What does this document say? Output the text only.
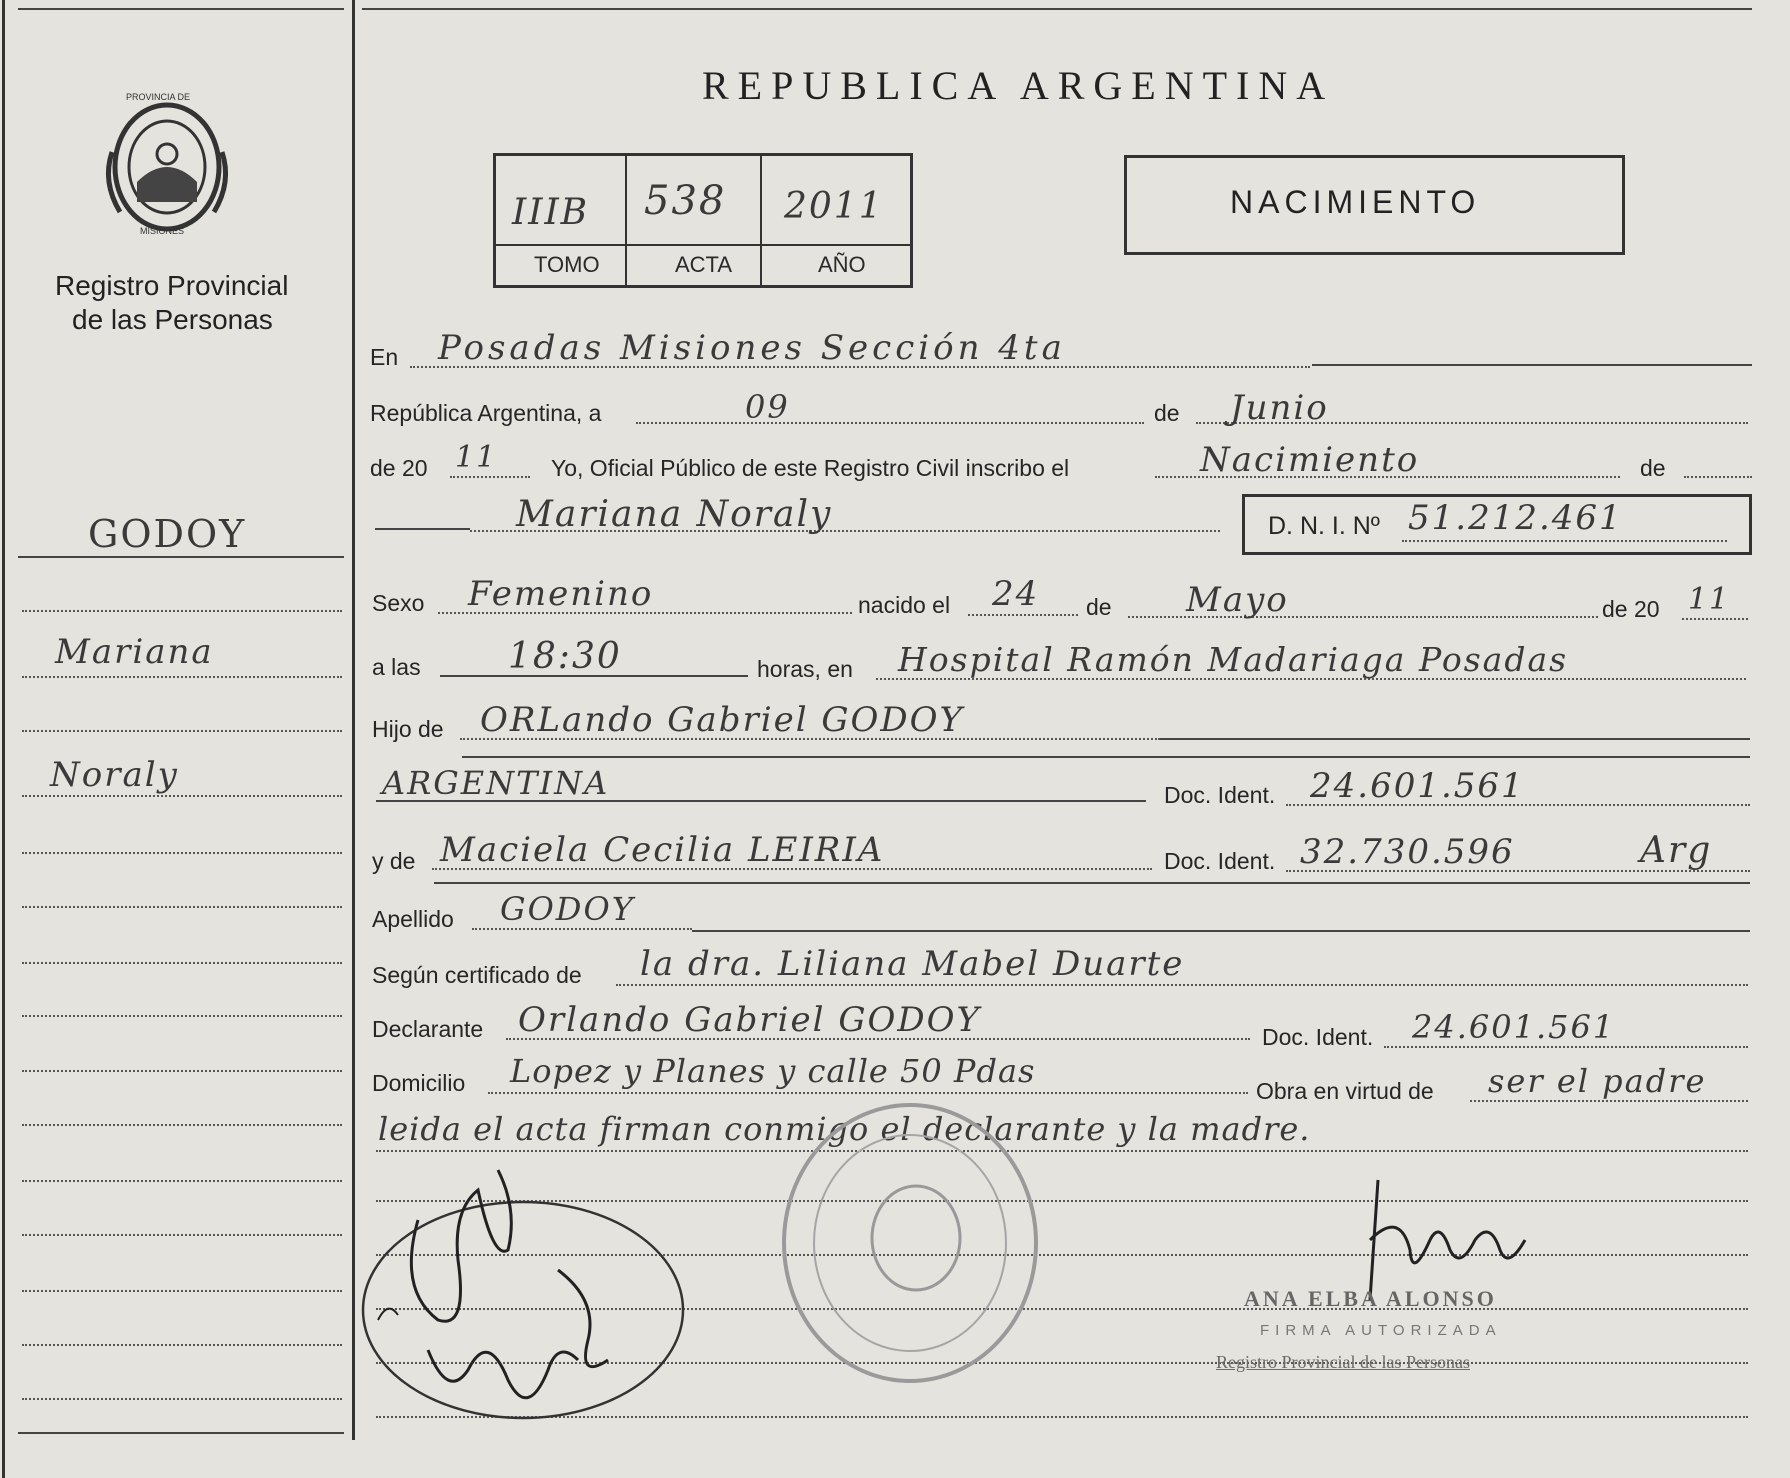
PROVINCIA DE
MISIONES
Registro Provincial
de las Personas
REPUBLICA ARGENTINA
IIIB 538 2011
TOMO	ACTA	AÑO
NACIMIENTO
GODOY
Mariana
Noraly
En Posadas Misiones Sección 4ta
República Argentina, a	09	de Junio
de 20 11 Yo, Oficial Público de este Registro Civil inscribo el	Nacimiento	de
Mariana Noraly	D. N. I. Nº 51.212.461
Sexo Femenino	nacido el 24 de Mayo	de 20 11
a las 18:30	horas, en Hospital Ramón Madariaga Posadas
Hijo de ORLando Gabriel GODOY
ARGENTINA	Doc. Ident. 24.601.561
y de Maciela Cecilia LEIRIA	Doc. Ident. 32.730.596	Arg
Apellido GODOY
Según certificado de la dra. Liliana Mabel Duarte
Declarante Orlando Gabriel GODOY	Doc. Ident. 24.601.561
Domicilio Lopez y Planes y calle 50 Pdas
Obra en virtud de ser el padre
leida el acta firman conmigo el declarante y la madre.
ANA ELBA ALONSO
FIRMA AUTORIZADA
Registro Provincial de las Personas
